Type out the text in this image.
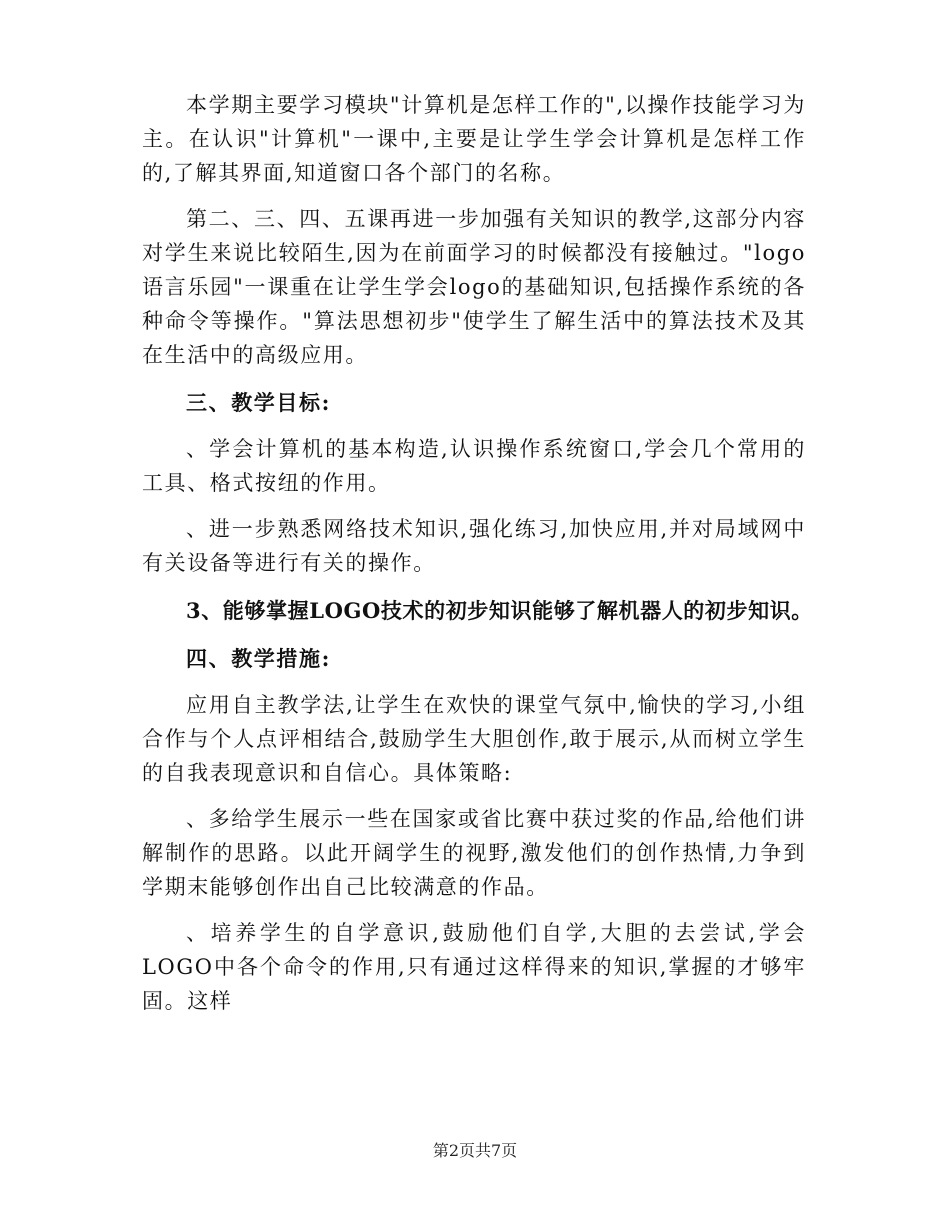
本学期主要学习模块"计算机是怎样工作的",以操作技能学习为主。在认识"计算机"一课中,主要是让学生学会计算机是怎样工作的,了解其界面,知道窗口各个部门的名称。

第二、三、四、五课再进一步加强有关知识的教学,这部分内容对学生来说比较陌生,因为在前面学习的时候都没有接触过。"logo语言乐园"一课重在让学生学会logo的基础知识,包括操作系统的各种命令等操作。"算法思想初步"使学生了解生活中的算法技术及其在生活中的高级应用。

三、教学目标:

、学会计算机的基本构造,认识操作系统窗口,学会几个常用的工具、格式按纽的作用。

、进一步熟悉网络技术知识,强化练习,加快应用,并对局域网中有关设备等进行有关的操作。

3、能够掌握LOGO技术的初步知识能够了解机器人的初步知识。

四、教学措施:

应用自主教学法,让学生在欢快的课堂气氛中,愉快的学习,小组合作与个人点评相结合,鼓励学生大胆创作,敢于展示,从而树立学生的自我表现意识和自信心。具体策略:

、多给学生展示一些在国家或省比赛中获过奖的作品,给他们讲解制作的思路。以此开阔学生的视野,激发他们的创作热情,力争到学期末能够创作出自己比较满意的作品。

、培养学生的自学意识,鼓励他们自学,大胆的去尝试,学会LOGO中各个命令的作用,只有通过这样得来的知识,掌握的才够牢固。这样

第2页共7页
